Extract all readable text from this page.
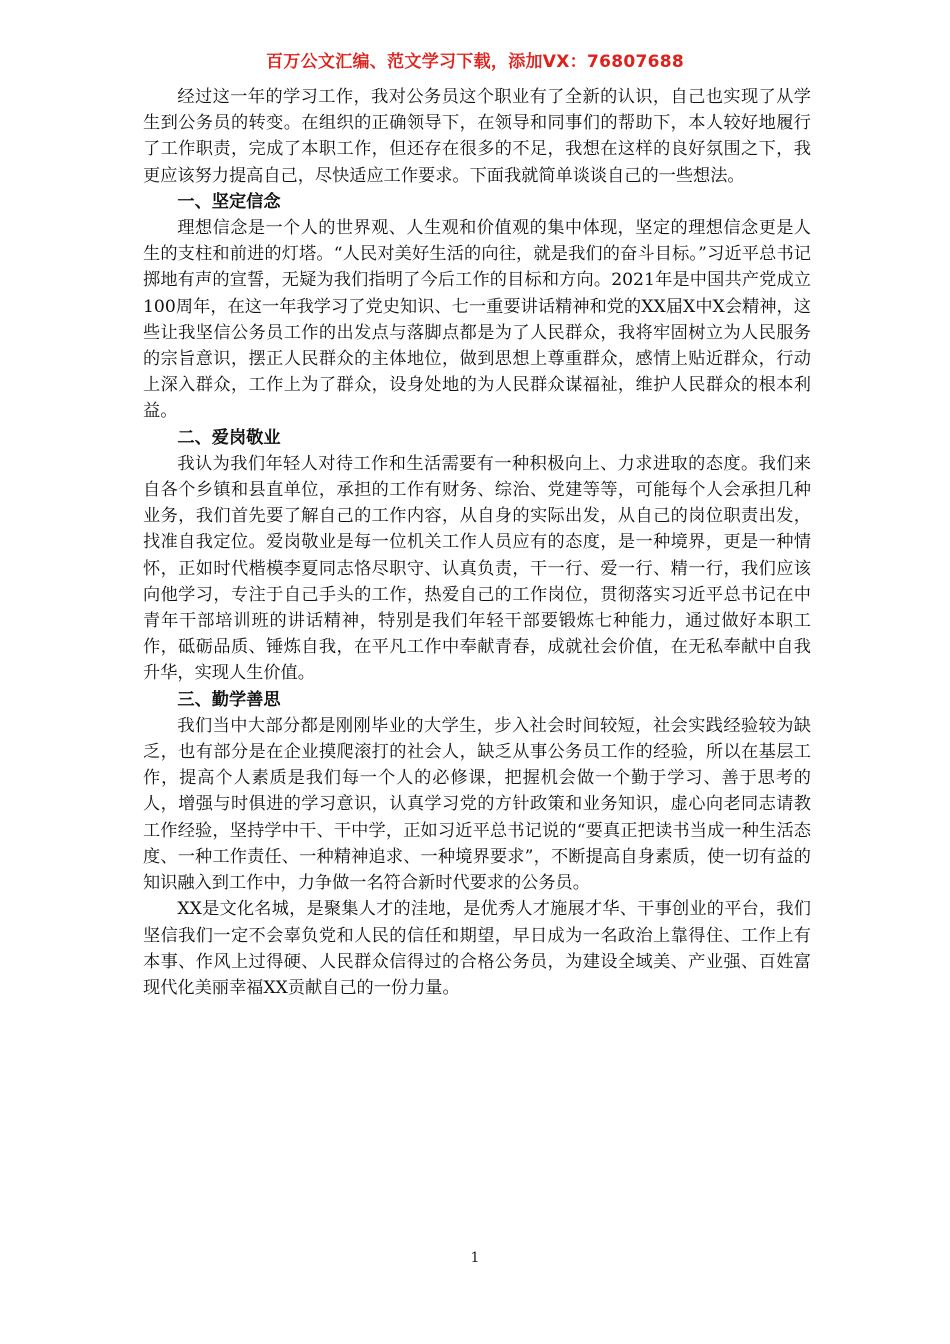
百万公文汇编、范文学习下载，添加VX：76807688

经过这一年的学习工作，我对公务员这个职业有了全新的认识，自己也实现了从学生到公务员的转变。在组织的正确领导下，在领导和同事们的帮助下，本人较好地履行了工作职责，完成了本职工作，但还存在很多的不足，我想在这样的良好氛围之下，我更应该努力提高自己，尽快适应工作要求。下面我就简单谈谈自己的一些想法。

一、坚定信念

理想信念是一个人的世界观、人生观和价值观的集中体现，坚定的理想信念更是人生的支柱和前进的灯塔。“人民对美好生活的向往，就是我们的奋斗目标。”习近平总书记掷地有声的宣誓，无疑为我们指明了今后工作的目标和方向。2021年是中国共产党成立100周年，在这一年我学习了党史知识、七一重要讲话精神和党的XX届X中X会精神，这些让我坚信公务员工作的出发点与落脚点都是为了人民群众，我将牢固树立为人民服务的宗旨意识，摆正人民群众的主体地位，做到思想上尊重群众，感情上贴近群众，行动上深入群众，工作上为了群众，设身处地的为人民群众谋福祉，维护人民群众的根本利益。

二、爱岗敬业

我认为我们年轻人对待工作和生活需要有一种积极向上、力求进取的态度。我们来自各个乡镇和县直单位，承担的工作有财务、综治、党建等等，可能每个人会承担几种业务，我们首先要了解自己的工作内容，从自身的实际出发，从自己的岗位职责出发，找准自我定位。爱岗敬业是每一位机关工作人员应有的态度，是一种境界，更是一种情怀，正如时代楷模李夏同志恪尽职守、认真负责，干一行、爱一行、精一行，我们应该向他学习，专注于自己手头的工作，热爱自己的工作岗位，贯彻落实习近平总书记在中青年干部培训班的讲话精神，特别是我们年轻干部要锻炼七种能力，通过做好本职工作，砥砺品质、锤炼自我，在平凡工作中奉献青春，成就社会价值，在无私奉献中自我升华，实现人生价值。

三、勤学善思

我们当中大部分都是刚刚毕业的大学生，步入社会时间较短，社会实践经验较为缺乏，也有部分是在企业摸爬滚打的社会人，缺乏从事公务员工作的经验，所以在基层工作，提高个人素质是我们每一个人的必修课，把握机会做一个勤于学习、善于思考的人，增强与时俱进的学习意识，认真学习党的方针政策和业务知识，虚心向老同志请教工作经验，坚持学中干、干中学，正如习近平总书记说的“要真正把读书当成一种生活态度、一种工作责任、一种精神追求、一种境界要求”，不断提高自身素质，使一切有益的知识融入到工作中，力争做一名符合新时代要求的公务员。

XX是文化名城，是聚集人才的洼地，是优秀人才施展才华、干事创业的平台，我们坚信我们一定不会辜负党和人民的信任和期望，早日成为一名政治上靠得住、工作上有本事、作风上过得硬、人民群众信得过的合格公务员，为建设全域美、产业强、百姓富现代化美丽幸福XX贡献自己的一份力量。

1
